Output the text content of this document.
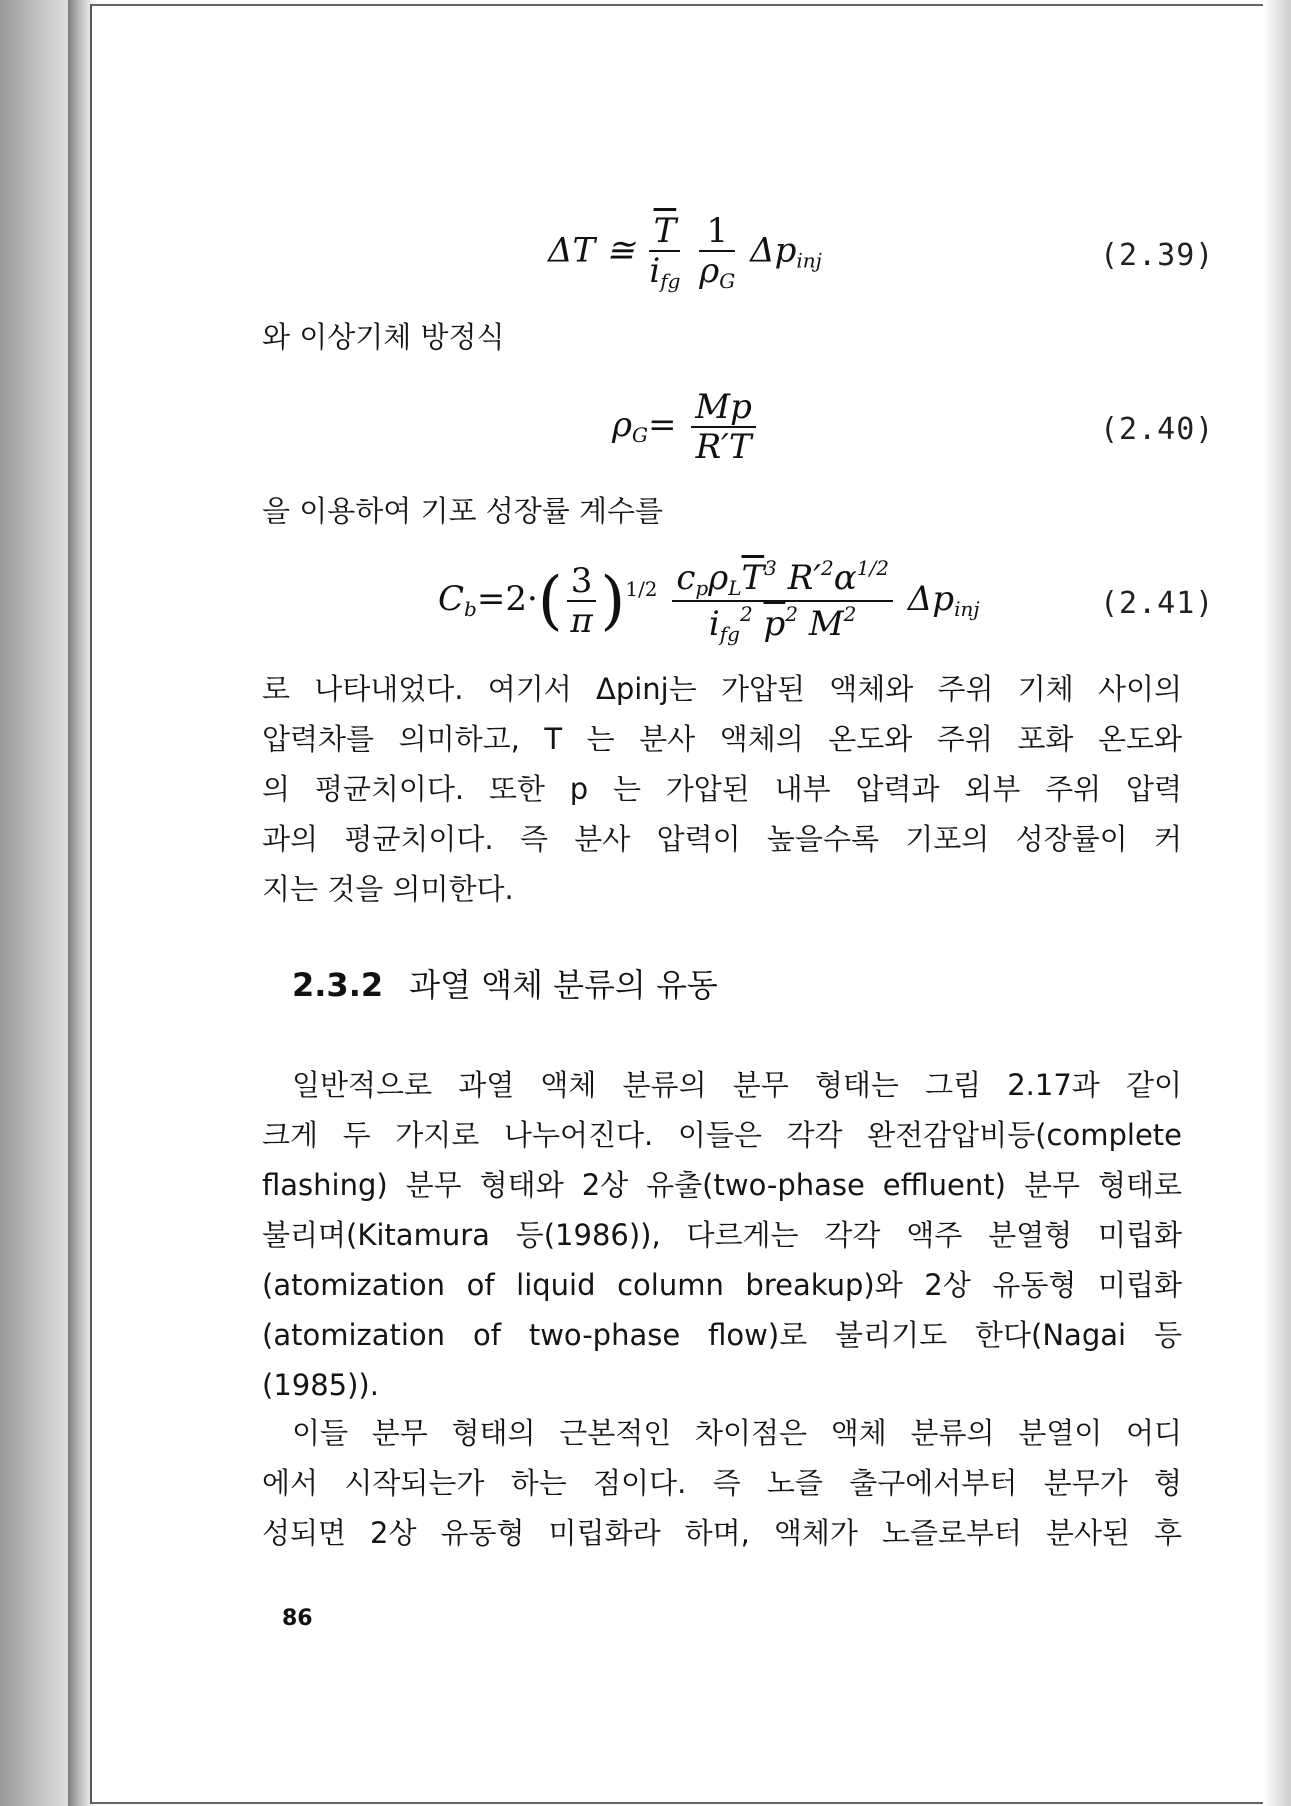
ΔT ≅ $\frac{\overline{T}}{i_{fg}}$
$\frac{1}{\rho_G} \Delta p_{inj}$	(2.39)
와 이상기체 방정식
$\rho_G= \frac{Mp}{R'T}$	(2.40)
을 이용하여 기포 성장률 계수를
$C_b=2\cdot( \frac{3}{\pi} )^{1/2} \frac{c_p\rho_L\overline{T}^3 R'^2\alpha^{1/2}}{i_{fg}^2 \overline{p}^2 M^2} \Delta p_{inj}$	(2.41)
로 나타내었다. 여기서 Δpinj는 가압된 액체와 주위 기체 사이의
압력차를 의미하고, T 는 분사 액체의 온도와 주위 포화 온도와
의 평균치이다. 또한 p 는 가압된 내부 압력과 외부 주위 압력
과의 평균치이다. 즉 분사 압력이 높을수록 기포의 성장률이 커
지는 것을 의미한다.
2.3.2 과열 액체 분류의 유동
일반적으로 과열 액체 분류의 분무 형태는 그림 2.17과 같이
크게 두 가지로 나누어진다. 이들은 각각 완전감압비등(complete
flashing) 분무 형태와 2상 유출(two-phase effluent) 분무 형태로
불리며(Kitamura 등(1986)), 다르게는 각각 액주 분열형 미립화
(atomization of liquid column breakup)와 2상 유동형 미립화
(atomization of two-phase flow)로 불리기도 한다(Nagai 등
(1985)).
이들 분무 형태의 근본적인 차이점은 액체 분류의 분열이 어디
에서 시작되는가 하는 점이다. 즉 노즐 출구에서부터 분무가 형
성되면 2상 유동형 미립화라 하며, 액체가 노즐로부터 분사된 후
86
